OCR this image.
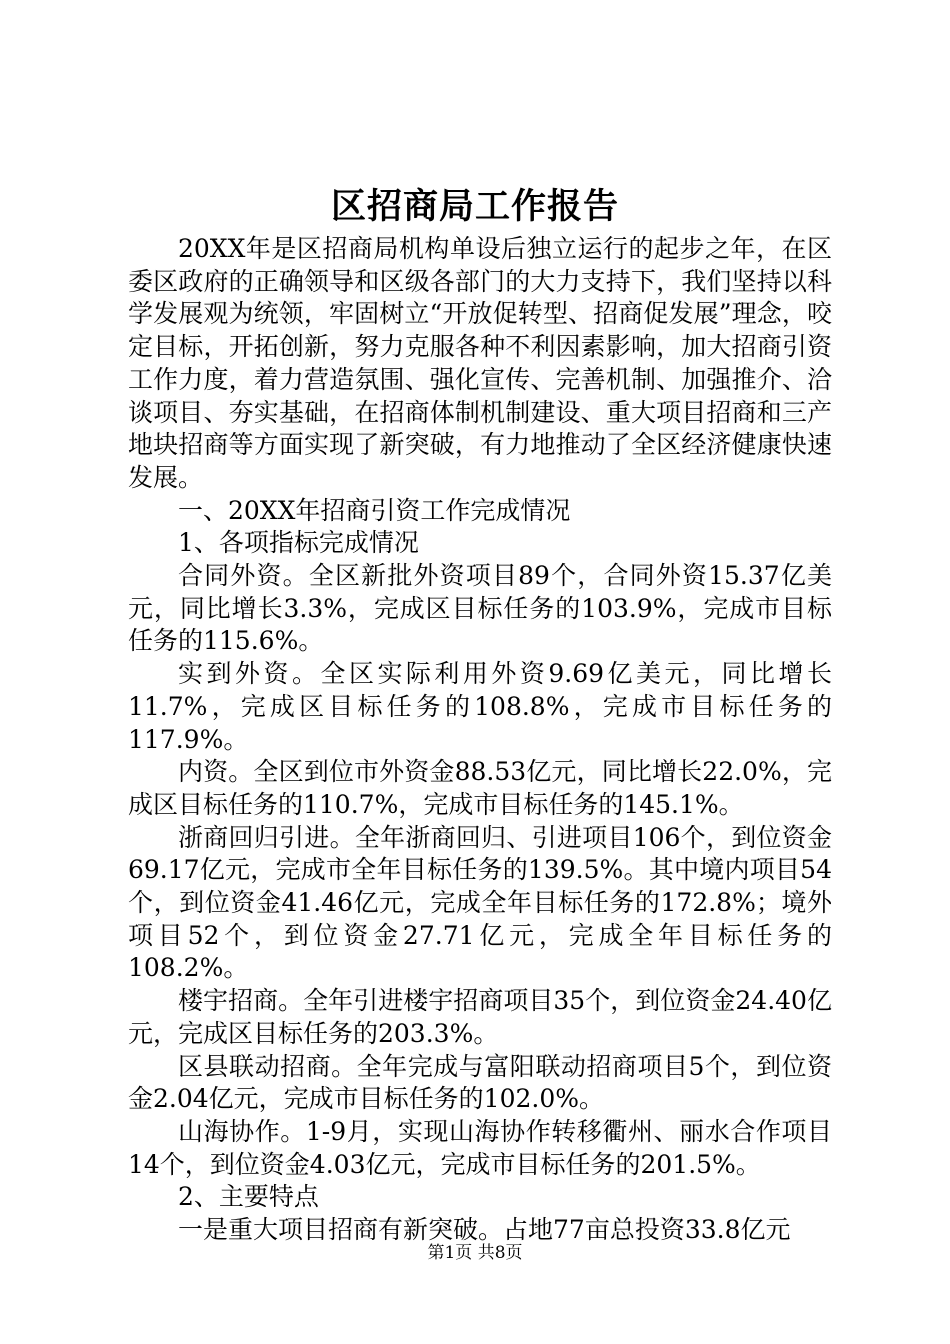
区招商局工作报告

20XX年是区招商局机构单设后独立运行的起步之年，在区委区政府的正确领导和区级各部门的大力支持下，我们坚持以科学发展观为统领，牢固树立“开放促转型、招商促发展”理念，咬定目标，开拓创新，努力克服各种不利因素影响，加大招商引资工作力度，着力营造氛围、强化宣传、完善机制、加强推介、洽谈项目、夯实基础，在招商体制机制建设、重大项目招商和三产地块招商等方面实现了新突破，有力地推动了全区经济健康快速发展。

一、20XX年招商引资工作完成情况

1、各项指标完成情况

合同外资。全区新批外资项目89个，合同外资15.37亿美元，同比增长3.3%，完成区目标任务的103.9%，完成市目标任务的115.6%。

实到外资。全区实际利用外资9.69亿美元，同比增长11.7%，完成区目标任务的108.8%，完成市目标任务的117.9%。

内资。全区到位市外资金88.53亿元，同比增长22.0%，完成区目标任务的110.7%，完成市目标任务的145.1%。

浙商回归引进。全年浙商回归、引进项目106个，到位资金69.17亿元，完成市全年目标任务的139.5%。其中境内项目54个，到位资金41.46亿元，完成全年目标任务的172.8%；境外项目52个，到位资金27.71亿元，完成全年目标任务的108.2%。

楼宇招商。全年引进楼宇招商项目35个，到位资金24.40亿元，完成区目标任务的203.3%。

区县联动招商。全年完成与富阳联动招商项目5个，到位资金2.04亿元，完成市目标任务的102.0%。

山海协作。1-9月，实现山海协作转移衢州、丽水合作项目14个，到位资金4.03亿元，完成市目标任务的201.5%。

2、主要特点

一是重大项目招商有新突破。占地77亩总投资33.8亿元

第1页 共8页
